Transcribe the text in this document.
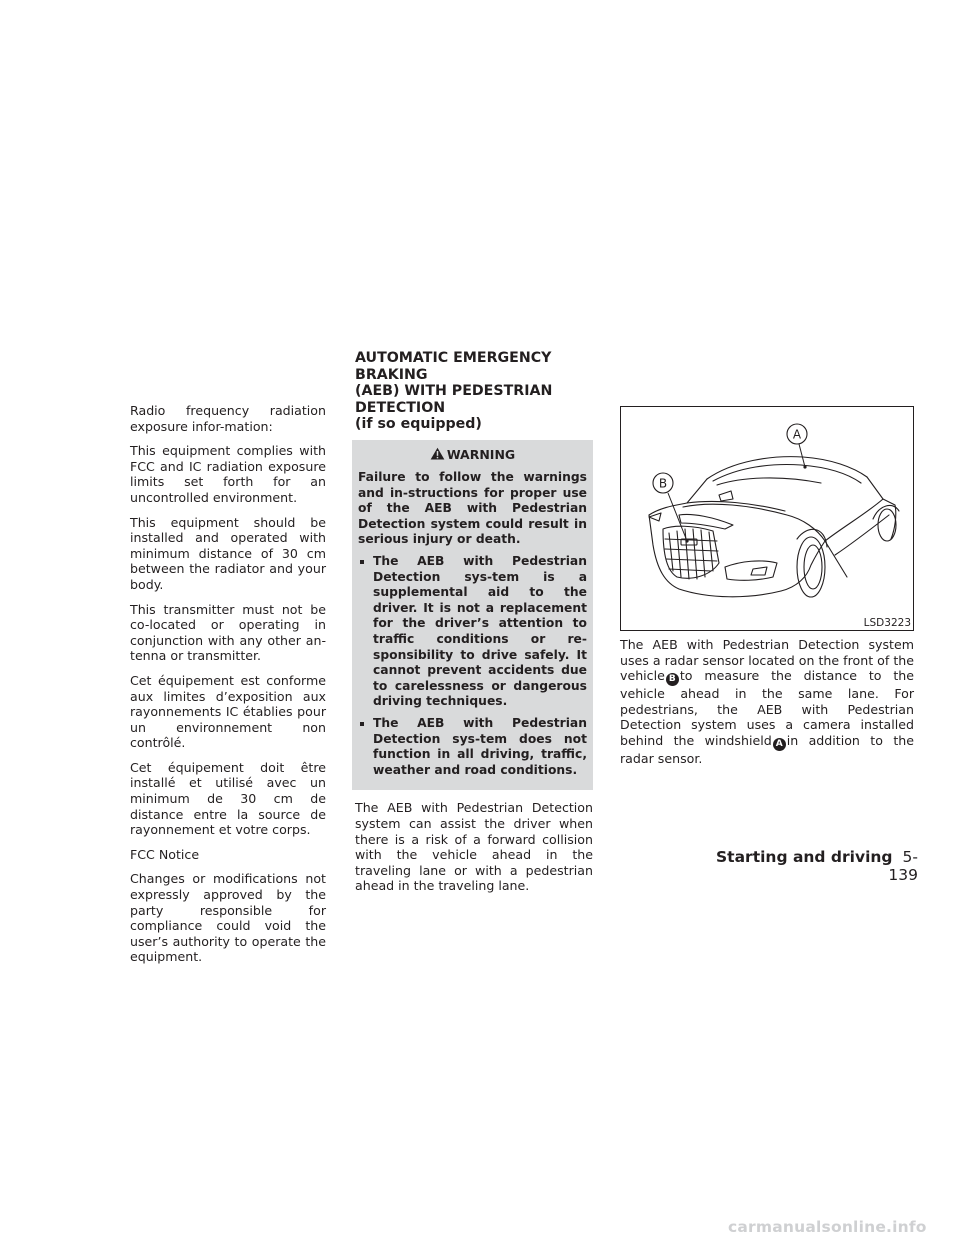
Radio frequency radiation exposure infor-mation:

This equipment complies with FCC and IC radiation exposure limits set forth for an uncontrolled environment.

This equipment should be installed and operated with minimum distance of 30 cm between the radiator and your body.

This transmitter must not be co-located or operating in conjunction with any other an-tenna or transmitter.

Cet équipement est conforme aux limites d’exposition aux rayonnements IC établies pour un environnement non contrôlé.

Cet équipement doit être installé et utilisé avec un minimum de 30 cm de distance entre la source de rayonnement et votre corps.

FCC Notice

Changes or modifications not expressly approved by the party responsible for compliance could void the user’s authority to operate the equipment.

AUTOMATIC EMERGENCY BRAKING
(AEB) WITH PEDESTRIAN DETECTION
(if so equipped)
WARNING

Failure to follow the warnings and in-structions for proper use of the AEB with Pedestrian Detection system could result in serious injury or death.

The AEB with Pedestrian Detection sys-tem is a supplemental aid to the driver. It is not a replacement for the driver’s attention to traffic conditions or re-sponsibility to drive safely. It cannot prevent accidents due to carelessness or dangerous driving techniques.
The AEB with Pedestrian Detection sys-tem does not function in all driving, traffic, weather and road conditions.

The AEB with Pedestrian Detection system can assist the driver when there is a risk of a forward collision with the vehicle ahead in the traveling lane or with a pedestrian ahead in the traveling lane.

A
B
LSD3223

The AEB with Pedestrian Detection system uses a radar sensor located on the front of the vehicle B to measure the distance to the vehicle ahead in the same lane. For pedestrians, the AEB with Pedestrian Detection system uses a camera installed behind the windshield A in addition to the radar sensor.

Starting and driving 5-139
carmanualsonline.info
